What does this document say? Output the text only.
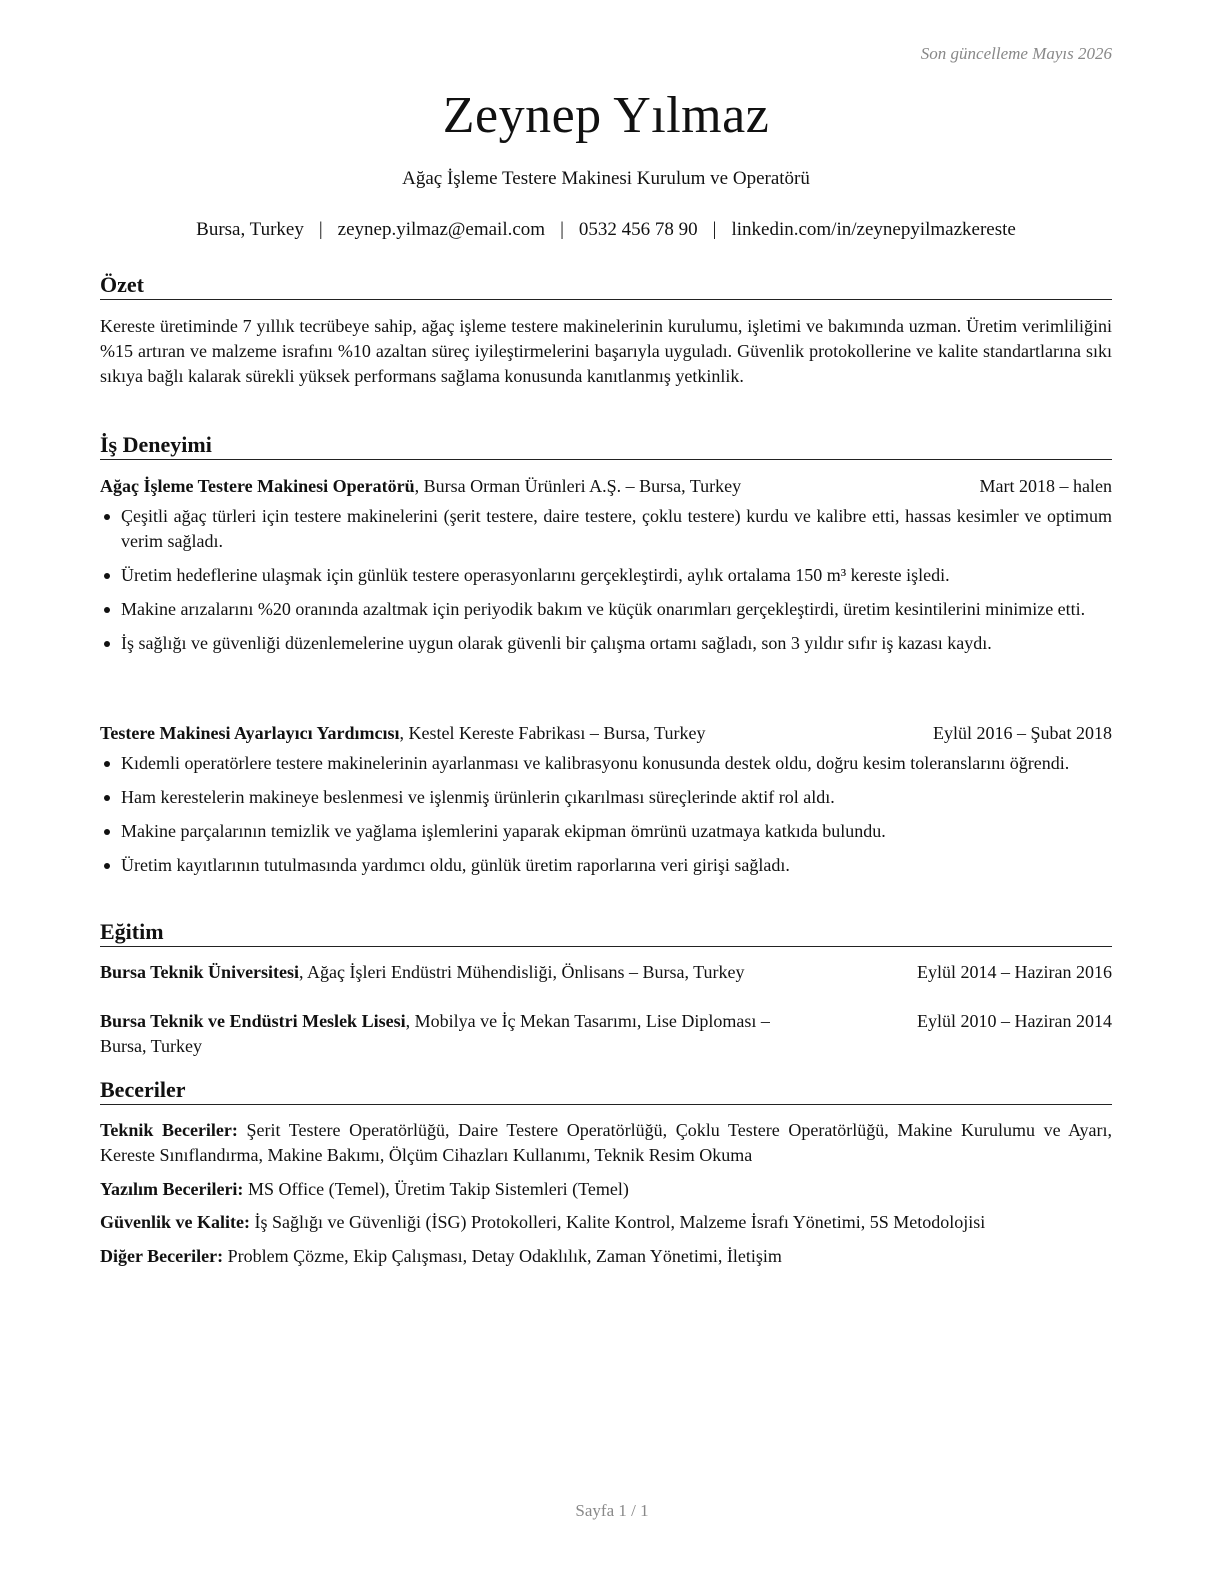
Son güncelleme Mayıs 2026
Zeynep Yılmaz

Ağaç İşleme Testere Makinesi Kurulum ve Operatörü

Bursa, Turkey | zeynep.yilmaz@email.com | 0532 456 78 90 | linkedin.com/in/zeynepyilmazkereste

Özet

Kereste üretiminde 7 yıllık tecrübeye sahip, ağaç işleme testere makinelerinin kurulumu, işletimi ve bakımında uzman. Üretim verimliliğini %15 artıran ve malzeme israfını %10 azaltan süreç iyileştirmelerini başarıyla uyguladı. Güvenlik protokollerine ve kalite standartlarına sıkı sıkıya bağlı kalarak sürekli yüksek performans sağlama konusunda kanıtlanmış yetkinlik.

İş Deneyimi
Ağaç İşleme Testere Makinesi Operatörü, Bursa Orman Ürünleri A.Ş. – Bursa, Turkey	Mart 2018 – halen
Çeşitli ağaç türleri için testere makinelerini (şerit testere, daire testere, çoklu testere) kurdu ve kalibre etti, hassas kesimler ve optimum verim sağladı.
Üretim hedeflerine ulaşmak için günlük testere operasyonlarını gerçekleştirdi, aylık ortalama 150 m³ kereste işledi.
Makine arızalarını %20 oranında azaltmak için periyodik bakım ve küçük onarımları gerçekleştirdi, üretim kesintilerini minimize etti.
İş sağlığı ve güvenliği düzenlemelerine uygun olarak güvenli bir çalışma ortamı sağladı, son 3 yıldır sıfır iş kazası kaydı.
Testere Makinesi Ayarlayıcı Yardımcısı, Kestel Kereste Fabrikası – Bursa, Turkey	Eylül 2016 – Şubat 2018
Kıdemli operatörlere testere makinelerinin ayarlanması ve kalibrasyonu konusunda destek oldu, doğru kesim toleranslarını öğrendi.
Ham kerestelerin makineye beslenmesi ve işlenmiş ürünlerin çıkarılması süreçlerinde aktif rol aldı.
Makine parçalarının temizlik ve yağlama işlemlerini yaparak ekipman ömrünü uzatmaya katkıda bulundu.
Üretim kayıtlarının tutulmasında yardımcı oldu, günlük üretim raporlarına veri girişi sağladı.
Eğitim
Bursa Teknik Üniversitesi, Ağaç İşleri Endüstri Mühendisliği, Önlisans – Bursa, Turkey	Eylül 2014 – Haziran 2016
Bursa Teknik ve Endüstri Meslek Lisesi, Mobilya ve İç Mekan Tasarımı, Lise Diploması –	Eylül 2010 – Haziran 2014
Bursa, Turkey
Beceriler
Teknik Beceriler: Şerit Testere Operatörlüğü, Daire Testere Operatörlüğü, Çoklu Testere Operatörlüğü, Makine Kurulumu ve Ayarı, Kereste Sınıflandırma, Makine Bakımı, Ölçüm Cihazları Kullanımı, Teknik Resim Okuma
Yazılım Becerileri: MS Office (Temel), Üretim Takip Sistemleri (Temel)
Güvenlik ve Kalite: İş Sağlığı ve Güvenliği (İSG) Protokolleri, Kalite Kontrol, Malzeme İsrafı Yönetimi, 5S Metodolojisi
Diğer Beceriler: Problem Çözme, Ekip Çalışması, Detay Odaklılık, Zaman Yönetimi, İletişim
Sayfa 1 / 1
